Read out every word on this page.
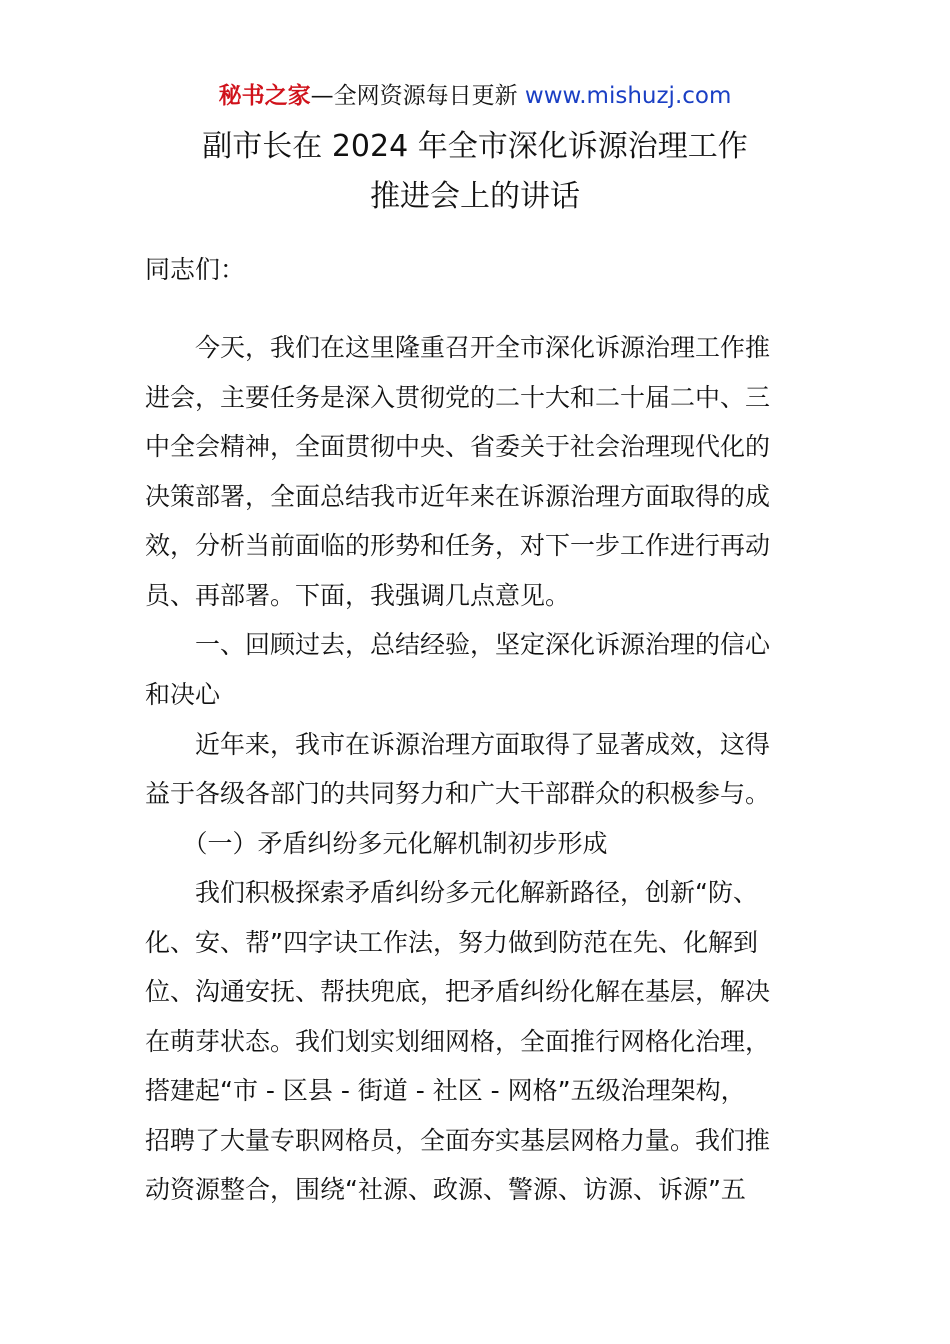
秘书之家—全网资源每日更新 www.mishuzj.com
副市长在 2024 年全市深化诉源治理工作
推进会上的讲话
同志们：
　　今天，我们在这里隆重召开全市深化诉源治理工作推
进会，主要任务是深入贯彻党的二十大和二十届二中、三
中全会精神，全面贯彻中央、省委关于社会治理现代化的
决策部署，全面总结我市近年来在诉源治理方面取得的成
效，分析当前面临的形势和任务，对下一步工作进行再动
员、再部署。下面，我强调几点意见。
　　一、回顾过去，总结经验，坚定深化诉源治理的信心
和决心
　　近年来，我市在诉源治理方面取得了显著成效，这得
益于各级各部门的共同努力和广大干部群众的积极参与。
　　（一）矛盾纠纷多元化解机制初步形成
　　我们积极探索矛盾纠纷多元化解新路径，创新“防、
化、安、帮”四字诀工作法，努力做到防范在先、化解到
位、沟通安抚、帮扶兜底，把矛盾纠纷化解在基层，解决
在萌芽状态。我们划实划细网格，全面推行网格化治理，
搭建起“市 - 区县 - 街道 - 社区 - 网格”五级治理架构，
招聘了大量专职网格员，全面夯实基层网格力量。我们推
动资源整合，围绕“社源、政源、警源、访源、诉源”五
